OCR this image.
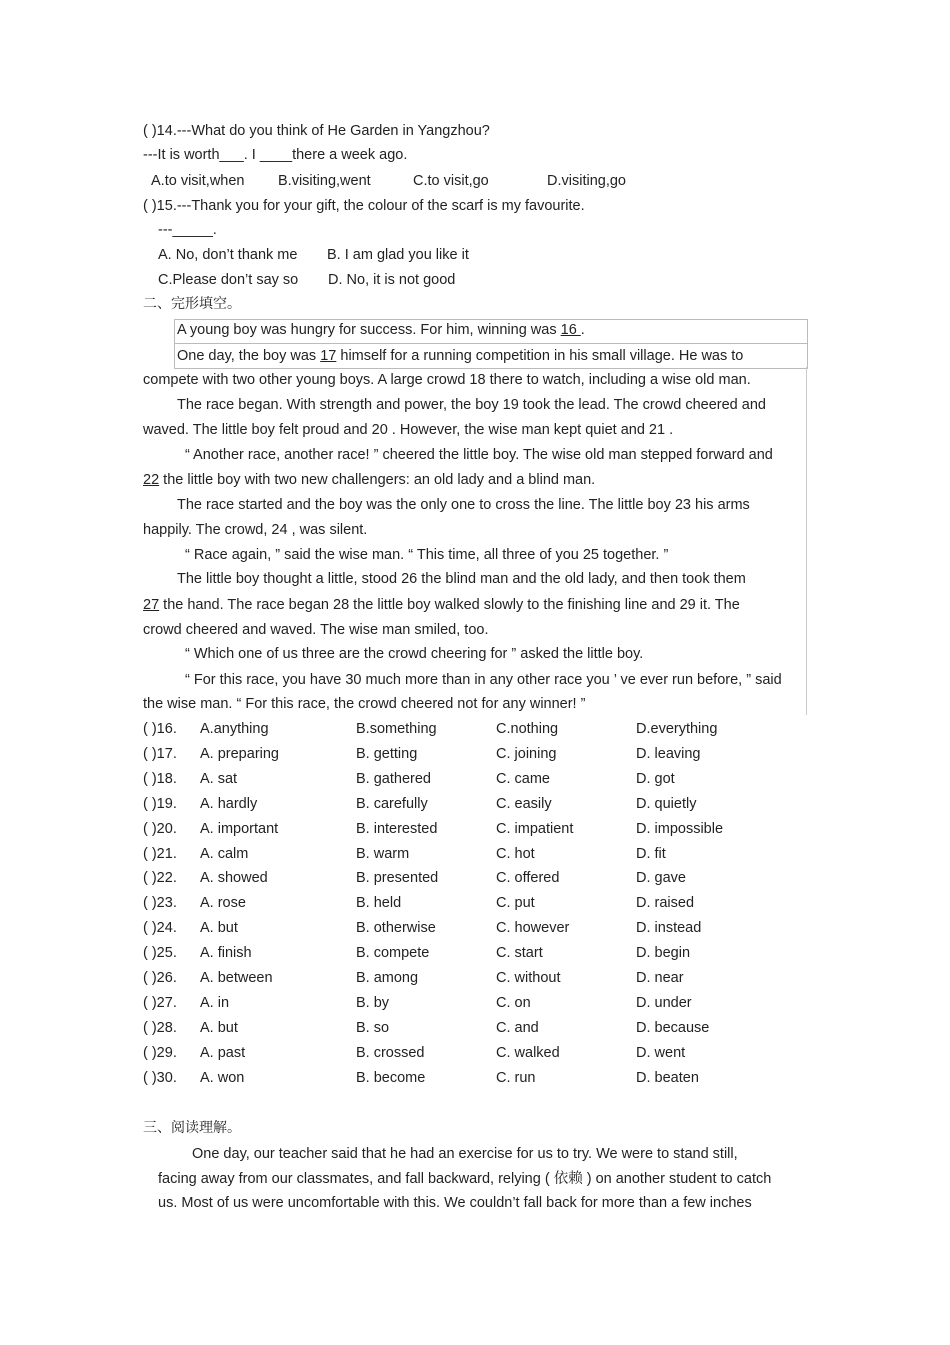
( )14.---What do you think of He Garden in Yangzhou?
---It is worth___. I ____there a week ago.
A.to visit,when B.visiting,went	C.to visit,go	D.visiting,go
( )15.---Thank you for your gift, the colour of the scarf is my favourite.
---_____.
A. No, don’t thank me B. I am glad you like it
C.Please don’t say so D. No, it is not good
二、完形填空。
A young boy was hungry for success. For him, winning was 16 .
One day, the boy was 17 himself for a running competition in his small village. He was to
compete with two other young boys. A large crowd 18 there to watch, including a wise old man.
The race began. With strength and power, the boy 19 took the lead. The crowd cheered and
waved. The little boy felt proud and 20 . However, the wise man kept quiet and 21 .
“ Another race, another race! ” cheered the little boy. The wise old man stepped forward and
22 the little boy with two new challengers: an old lady and a blind man.
The race started and the boy was the only one to cross the line. The little boy 23 his arms
happily. The crowd, 24 , was silent.
“ Race again, ” said the wise man. “ This time, all three of you 25 together. ”
The little boy thought a little, stood 26 the blind man and the old lady, and then took them
27 the hand. The race began 28 the little boy walked slowly to the finishing line and 29 it. The
crowd cheered and waved. The wise man smiled, too.
“ Which one of us three are the crowd cheering for ” asked the little boy.
“ For this race, you have 30 much more than in any other race you ’ ve ever run before, ” said
the wise man. “ For this race, the crowd cheered not for any winner! ”
( )16. A.anything	B.something	C.nothing	D.everything
( )17. A. preparing	B. getting	C. joining	D. leaving
( )18. A. sat	B. gathered	C. came	D. got
( )19. A. hardly	B. carefully	C. easily	D. quietly
( )20. A. important	B. interested	C. impatient	D. impossible
( )21. A. calm	B. warm	C. hot	D. fit
( )22. A. showed	B. presented	C. offered	D. gave
( )23. A. rose	B. held	C. put	D. raised
( )24. A. but	B. otherwise	C. however	D. instead
( )25. A. finish	B. compete	C. start	D. begin
( )26. A. between	B. among	C. without	D. near
( )27. A. in	B. by	C. on	D. under
( )28. A. but	B. so	C. and	D. because
( )29. A. past	B. crossed	C. walked	D. went
( )30. A. won	B. become	C. run	D. beaten
三、阅读理解。
One day, our teacher said that he had an exercise for us to try. We were to stand still,
facing away from our classmates, and fall backward, relying ( 依赖 ) on another student to catch
us. Most of us were uncomfortable with this. We couldn’t fall back for more than a few inches
